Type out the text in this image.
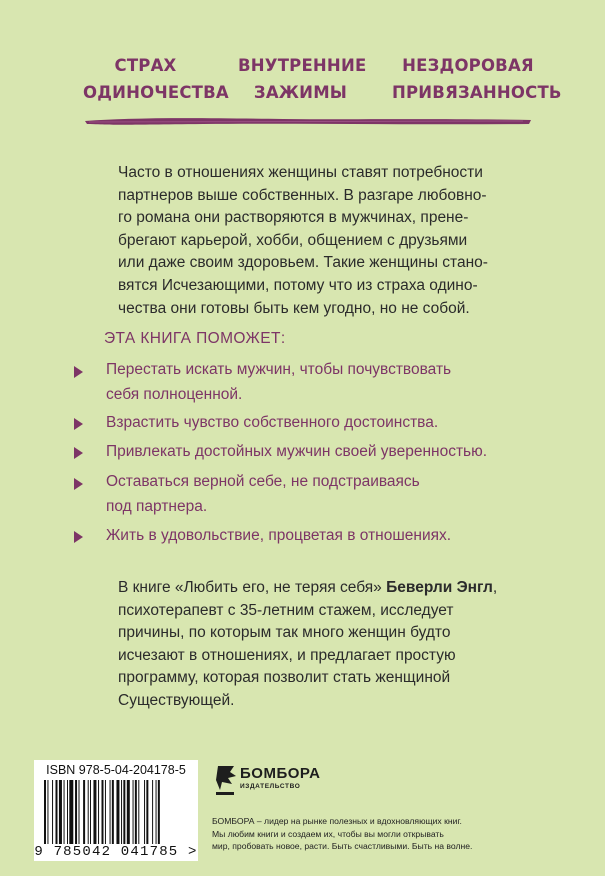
СТРАХ
ОДИНОЧЕСТВА
ВНУТРЕННИЕ
ЗАЖИМЫ
НЕЗДОРОВАЯ
ПРИВЯЗАННОСТЬ
Часто в отношениях женщины ставят потребности
партнеров выше собственных. В разгаре любовно-
го романа они растворяются в мужчинах, прене-
брегают карьерой, хобби, общением с друзьями
или даже своим здоровьем. Такие женщины стано-
вятся Исчезающими, потому что из страха одино-
чества они готовы быть кем угодно, но не собой.
ЭТА КНИГА ПОМОЖЕТ:
Перестать искать мужчин, чтобы почувствовать
себя полноценной.
Взрастить чувство собственного достоинства.
Привлекать достойных мужчин своей уверенностью.
Оставаться верной себе, не подстраиваясь
под партнера.
Жить в удовольствие, процветая в отношениях.
В книге «Любить его, не теряя себя» Беверли Энгл,
психотерапевт с 35-летним стажем, исследует
причины, по которым так много женщин будто
исчезают в отношениях, и предлагает простую
программу, которая позволит стать женщиной
Существующей.
ISBN 978-5-04-204178-5
9 785042 041785 >
БОМБОРА
ИЗДАТЕЛЬСТВО
БОМБОРА – лидер на рынке полезных и вдохновляющих книг.
Мы любим книги и создаем их, чтобы вы могли открывать
мир, пробовать новое, расти. Быть счастливыми. Быть на волне.
